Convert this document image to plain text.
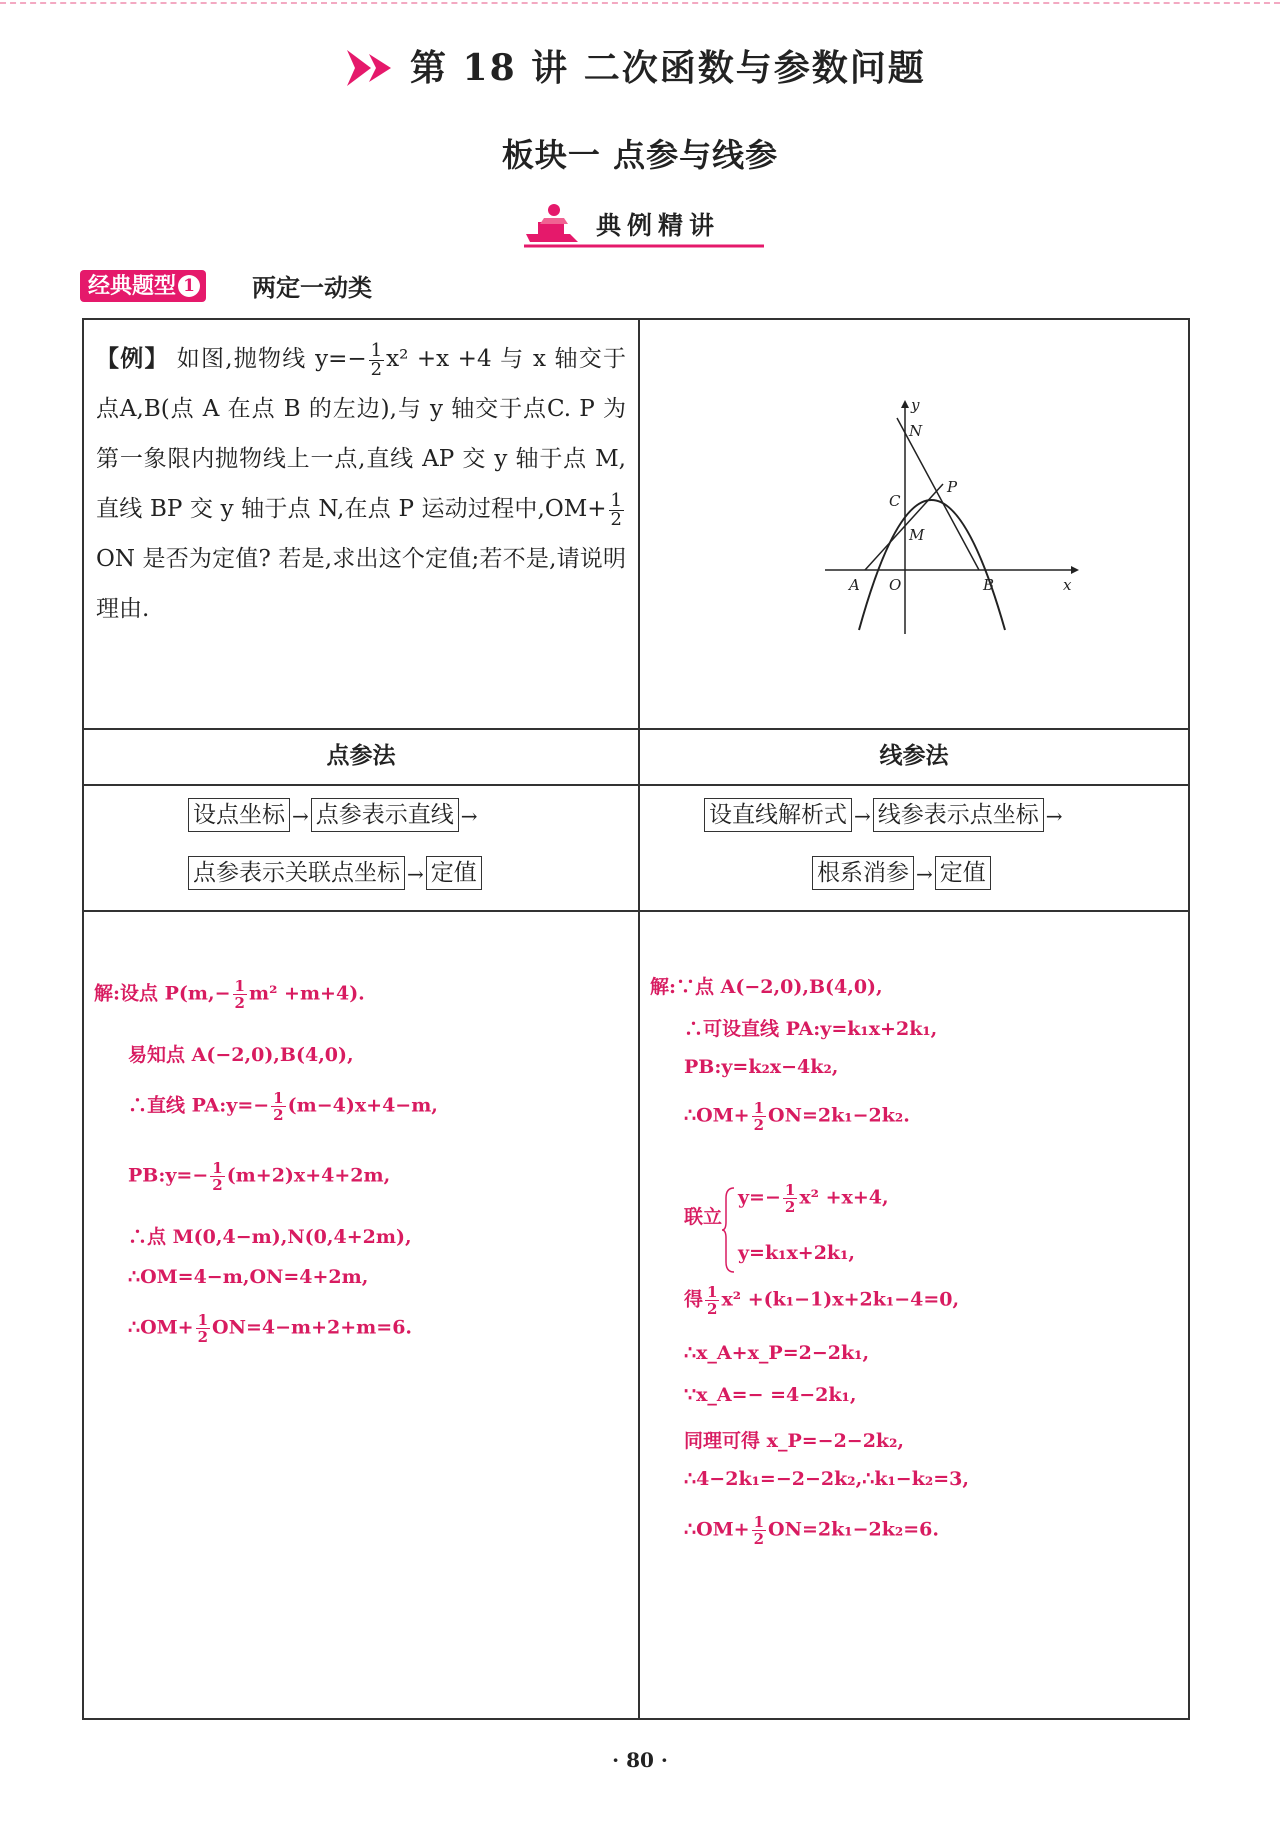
第 18 讲 二次函数与参数问题
板块一 点参与线参
典例精讲
经典题型 1	两定一动类
【例】 如图,抛物线 $y=- \frac{1}{2} x^2 +x +4$ 与 x 轴交于点A,B(点 A 在点 B 的左边),与 y 轴交于点C. P 为第一象限内抛物线上一点,直线 AP 交 y 轴于点 M,直线 BP 交 y 轴于点 N,在点 P 运动过程中$,OM+ \frac{1}{2}$
ON 是否为定值? 若是,求出这个定值;若不是,请说明理由.
y
x
N
C
P
M
A O	B
点参法	线参法
设点坐标 → 点参表示直线 →
点参表示关联点坐标 → 定值
设直线解析式 → 线参表示点坐标 →
根系消参 → 定值
解:设点 $P(m,- \frac{1}{2} m^2 +m+4)$.
易知点 A(−2,0),B(4,0),
∴直线 PA:y=− $\frac{1}{2} (m-4)x+4-m$,
PB:y=− $\frac{1}{2} (m+2)x+4+2m$,
∴点 M(0,4−m),N(0,4+2m),
∴OM=4−m,ON=4+2m,
∴OM+ $\frac{1}{2} ON=4-m+2+m=6$.
解:∵点 A(−2,0),B(4,0),
∴可设直线 PA:y=k₁x+2k₁,
PB:y=k₂x−4k₂,
∴OM+ $\frac{1}{2} ON=2k_1-2k_2$.
联立
$y=- \frac{1}{2} x^2 +x+4$,
y=k₁x+2k₁,
得 $\frac{1}{2} x^2 +(k_1-1)x+2k_1-4=0$,
∴x_A+x_P=2−2k₁,
∵x_A=− =4−2k₁,
同理可得 x_P=−2−2k₂,
∴4−2k₁=−2−2k₂,∴k₁−k₂=3,
∴OM+ $\frac{1}{2} ON=2k_1-2k_2=6$.
· 80 ·
